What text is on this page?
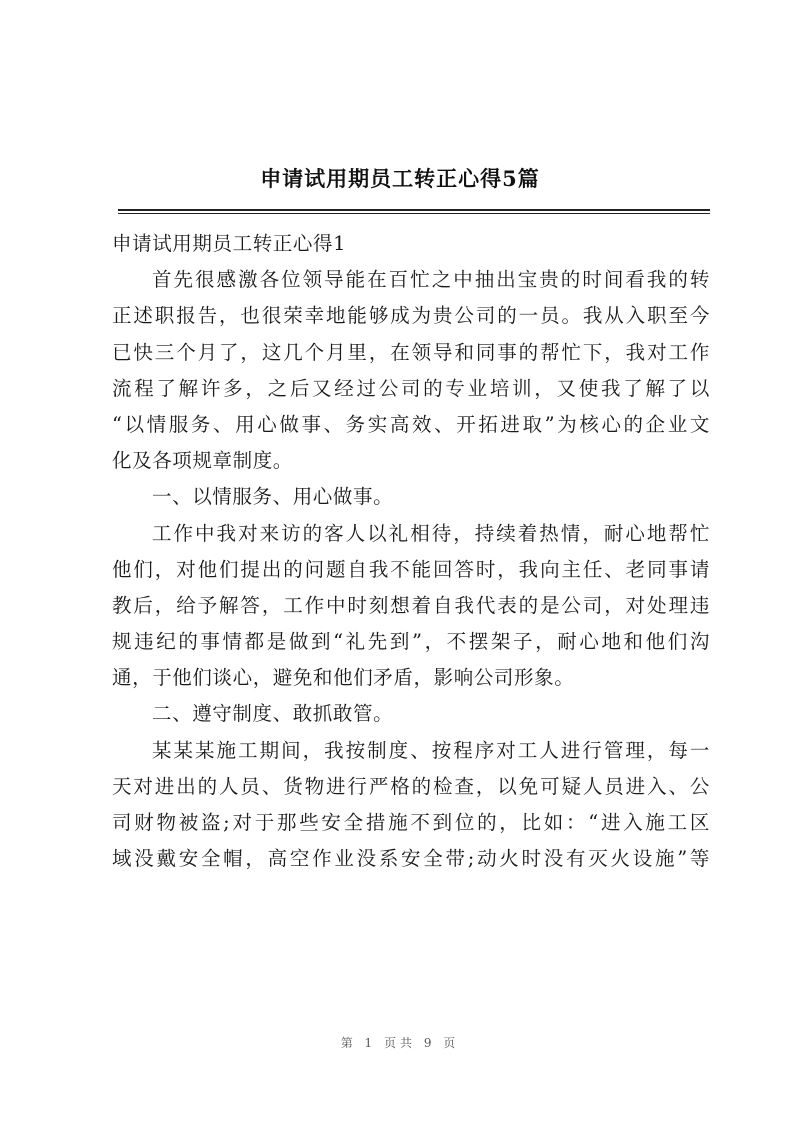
申请试用期员工转正心得5篇
申请试用期员工转正心得1
首先很感激各位领导能在百忙之中抽出宝贵的时间看我的转
正述职报告，也很荣幸地能够成为贵公司的一员。我从入职至今
已快三个月了，这几个月里，在领导和同事的帮忙下，我对工作
流程了解许多，之后又经过公司的专业培训，又使我了解了以
“以情服务、用心做事、务实高效、开拓进取”为核心的企业文
化及各项规章制度。
一、以情服务、用心做事。
工作中我对来访的客人以礼相待，持续着热情，耐心地帮忙
他们，对他们提出的问题自我不能回答时，我向主任、老同事请
教后，给予解答，工作中时刻想着自我代表的是公司，对处理违
规违纪的事情都是做到“礼先到”，不摆架子，耐心地和他们沟
通，于他们谈心，避免和他们矛盾，影响公司形象。
二、遵守制度、敢抓敢管。
某某某施工期间，我按制度、按程序对工人进行管理，每一
天对进出的人员、货物进行严格的检查，以免可疑人员进入、公
司财物被盗;对于那些安全措施不到位的，比如：“进入施工区
域没戴安全帽，高空作业没系安全带;动火时没有灭火设施”等
第 1 页共 9 页
